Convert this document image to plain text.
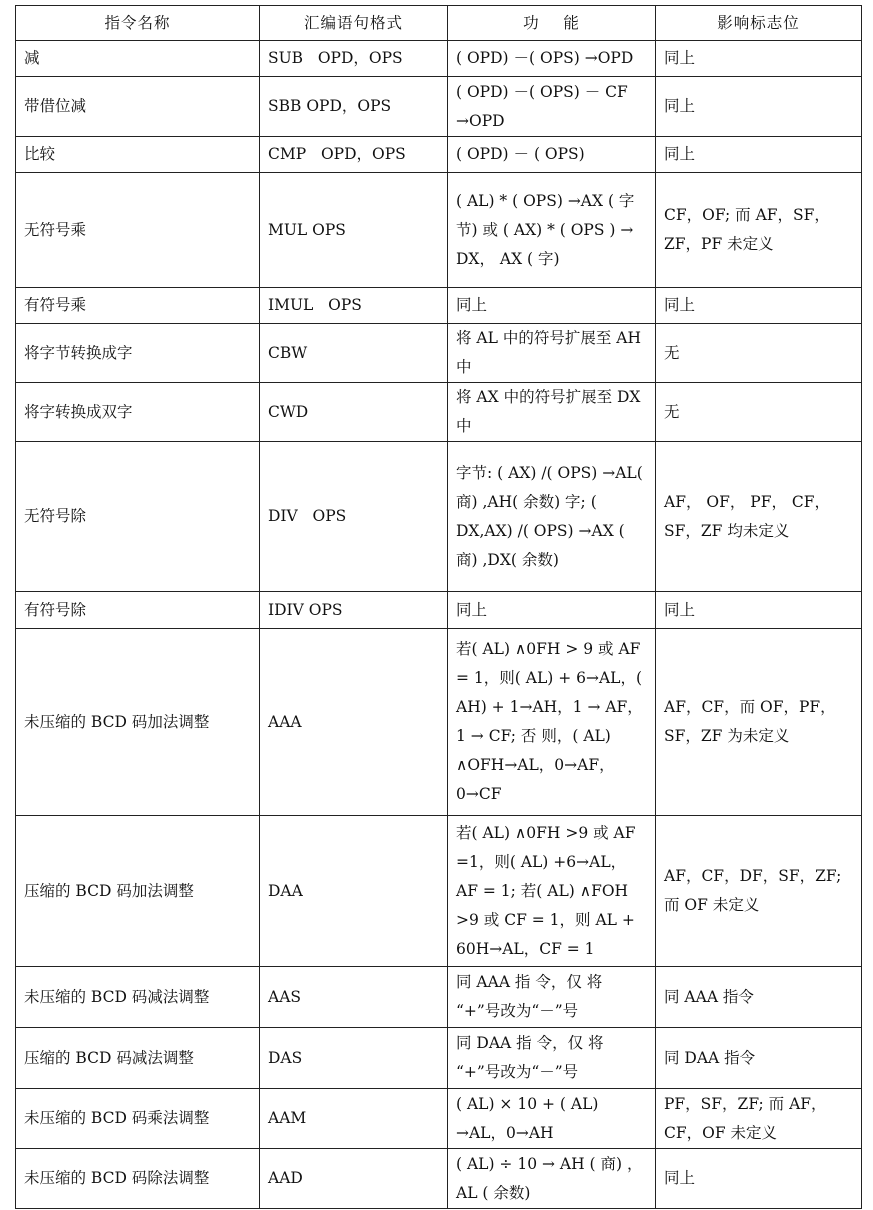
指令名称	汇编语句格式	功    能	影响标志位
减	SUB   OPD，OPS	( OPD) －( OPS) →OPD	同上
带借位减	SBB OPD，OPS	( OPD) －( OPS) － CF →OPD	同上
比较	CMP   OPD，OPS	( OPD) － ( OPS)	同上
无符号乘	MUL OPS	( AL) * ( OPS) →AX ( 字 节) 或 ( AX) * ( OPS ) → DX， AX ( 字)	CF，OF; 而 AF，SF，ZF，PF 未定义
有符号乘	IMUL   OPS	同上	同上
将字节转换成字	CBW	将 AL 中的符号扩展至 AH 中	无
将字转换成双字	CWD	将 AX 中的符号扩展至 DX 中	无
无符号除	DIV   OPS	字节: ( AX) /( OPS) →AL( 商) ,AH( 余数) 字; ( DX,AX) /( OPS) →AX ( 商) ,DX( 余数)	AF， OF， PF， CF，SF，ZF 均未定义
有符号除	IDIV OPS	同上	同上
未压缩的 BCD 码加法调整	AAA	若( AL) ∧0FH > 9 或 AF = 1，则( AL) + 6→AL，( AH) + 1→AH，1 → AF，1 → CF; 否 则，( AL) ∧OFH→AL，0→AF，0→CF	AF，CF，而 OF，PF，SF，ZF 为未定义
压缩的 BCD 码加法调整	DAA	若( AL) ∧0FH >9 或 AF =1，则( AL) +6→AL，AF = 1; 若( AL) ∧FOH >9 或 CF = 1，则 AL + 60H→AL，CF = 1	AF，CF，DF，SF，ZF; 而 OF 未定义
未压缩的 BCD 码减法调整	AAS	同 AAA 指 令，仅 将 “+”号改为“－”号	同 AAA 指令
压缩的 BCD 码减法调整	DAS	同 DAA 指 令，仅 将 “+”号改为“－”号	同 DAA 指令
未压缩的 BCD 码乘法调整	AAM	( AL) × 10 + ( AL) →AL，0→AH	PF，SF，ZF; 而 AF，CF，OF 未定义
未压缩的 BCD 码除法调整	AAD	( AL) ÷ 10 → AH ( 商) ，AL ( 余数)	同上
